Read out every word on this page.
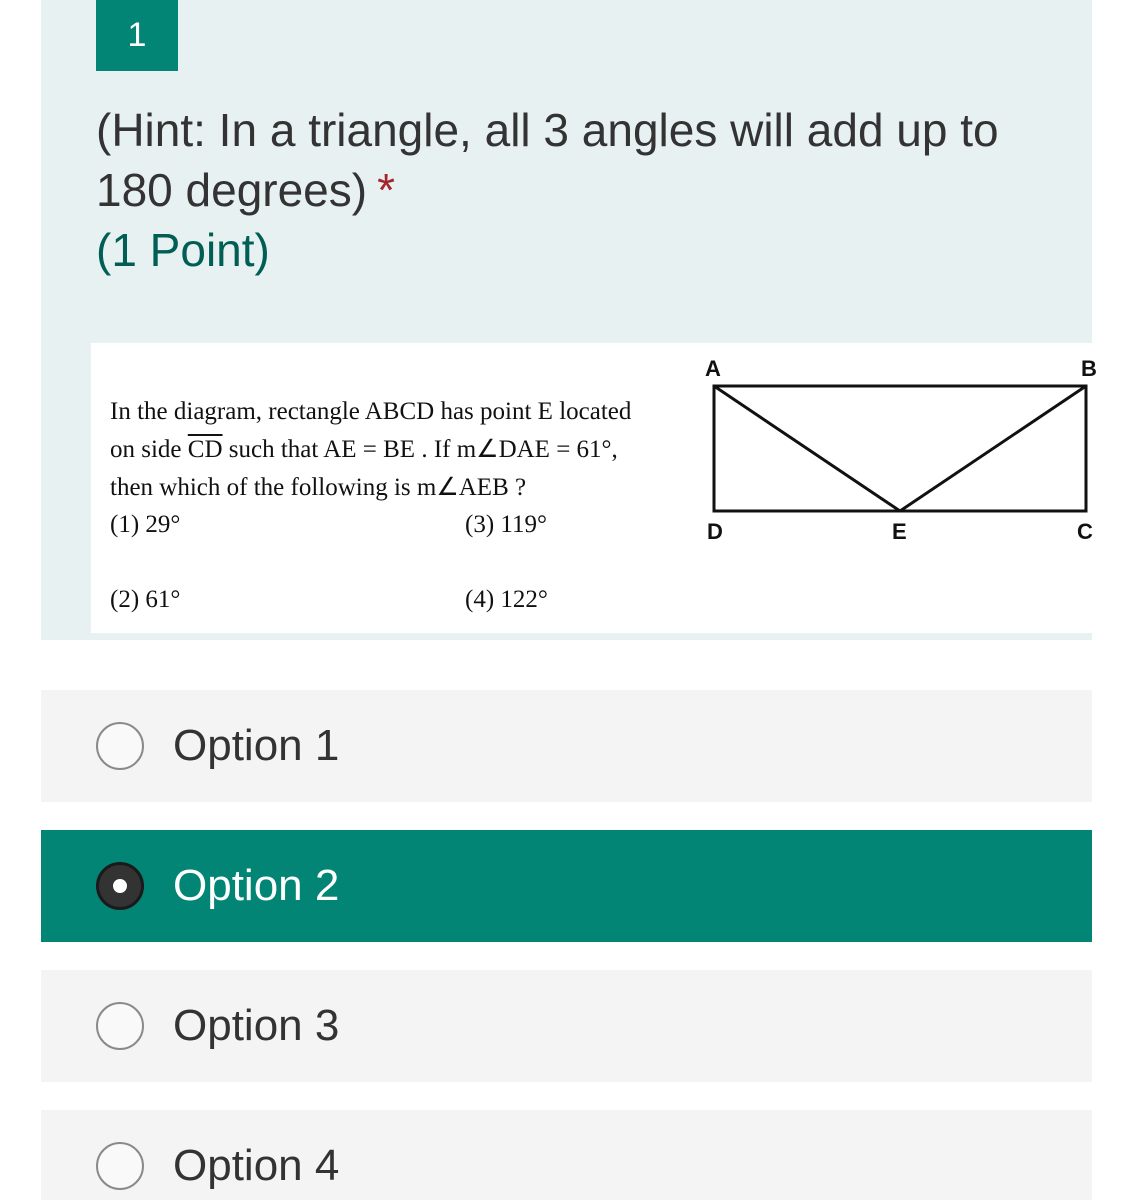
1
(Hint: In a triangle, all 3 angles will add up to 180 degrees) *
(1 Point)
In the diagram, rectangle ABCD has point E located
on side $\overline{CD}$ such that AE = BE . If m∠DAE = 61°,
then which of the following is m∠AEB ?
(1) 29°	(3) 119°
(2) 61°	(4) 122°
A	B
D	E	C
Option 1
Option 2
Option 3
Option 4
